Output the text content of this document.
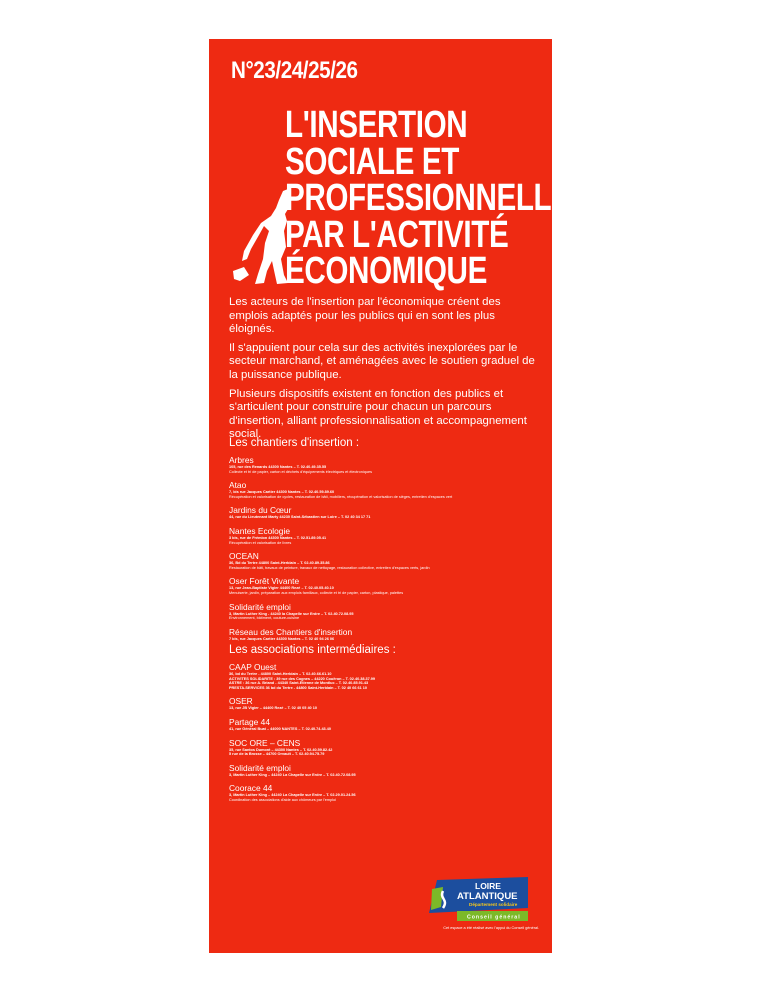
N°23/24/25/26
L'INSERTION
SOCIALE ET
PROFESSIONNELLE
PAR L'ACTIVITÉ
ÉCONOMIQUE

Les acteurs de l'insertion par l'économique créent des emplois adaptés pour les publics qui en sont les plus éloignés.

Il s'appuient pour cela sur des activités inexplorées par le secteur marchand, et aménagées avec le soutien graduel de la puissance publique.

Plusieurs dispositifs existent en fonction des publics et s'articulent pour construire pour chacun un parcours d'insertion, alliant professionnalisation et accompagnement social.

Les chantiers d'insertion :
Arbres
105, rue des Renards 44300 Nantes – T. 02.40.49.35.55
Collecte et tri de papier, carton et déchets d'équipements électriques et électroniques
Atao
7, bis rue Jacques Cartier 44300 Nantes – T. 02.40.59.89.60
Récupération et valorisation de cycles, restauration de bâti, mobiliers, récupération et valorisation de sièges, entretien d'espaces vert
Jardins du Cœur
44, rue du Lieutenant Marty 44230 Saint-Sébastien sur Loire – T. 02 40 34 17 71
Nantes Ecologie
3 bis, rue de Frémion 44300 Nantes – T. 02.51.89.05.41
Récupération et valorisation de livres
OCEAN
36, Bd du Tertre 44800 Saint-Herblain – T. 02.40.89.35.86
Restauration de bâti, travaux de peinture, travaux de nettoyage, restauration collective, entretien d'espaces verts, jardin
Oser Forêt Vivante
13, rue Jean-Baptiste Vigier 44400 Rezé – T. 02.40.05.40.10
Menuiserie, jardin, préparation aux emplois familiaux, collecte et tri de papier, carton, plastique, palettes
Solidarité emploi
3, Martin Luther King - 44240 la Chapelle sur Erdre – T. 02.40.72.08.95
Environnement, bâtiment, couture-cuisine
Réseau des Chantiers d'insertion
7 bis, rue Jacques Cartier 44300 Nantes – T. 02 40 94 26 06
Les associations intermédiaires :
CAAP Ouest
36, bd du Tertre - 44800 Saint-Herblain – T. 02.40.66.61.10
ACTIVITES SOLIDARITE : 39 rue des Cognes – 44220 Couëron – T. 02.40.38.37.99
ASTRE : 36 rue A. Briand - 44340 Saint-Etienne de Montluc – T. 02.40.85.91.43
PRESTA-SERVICES 36 bd du Tertre - 44800 Saint-Herblain – T. 02 40 66 61 10
OSER
13, rue JB Vigier – 44400 Rezé – T. 02 40 05 40 10
Partage 44
41, rue Général Buat – 44000 NANTES – T. 02.40.74.43.40
SOC ORE – CENS
35, rue Santos Dumont – 44300 Nantes – T. 02.40.59.82.42
5 rue de la Brosse – 44700 Orvault – T. 02.40.94.75.79
Solidarité emploi
3, Martin Luther King – 44240 La Chapelle sur Erdre – T. 02.40.72.08.95
Coorace 44
3, Martin Luther King – 44240 La Chapelle sur Erdre – T. 02.29.01.24.56
Coordination des associations d'aide aux chômeurs par l'emploi
LOIRE
ATLANTIQUE
Département solidaire
Conseil général
Cet espace a été réalisé avec l'appui du Conseil général.
